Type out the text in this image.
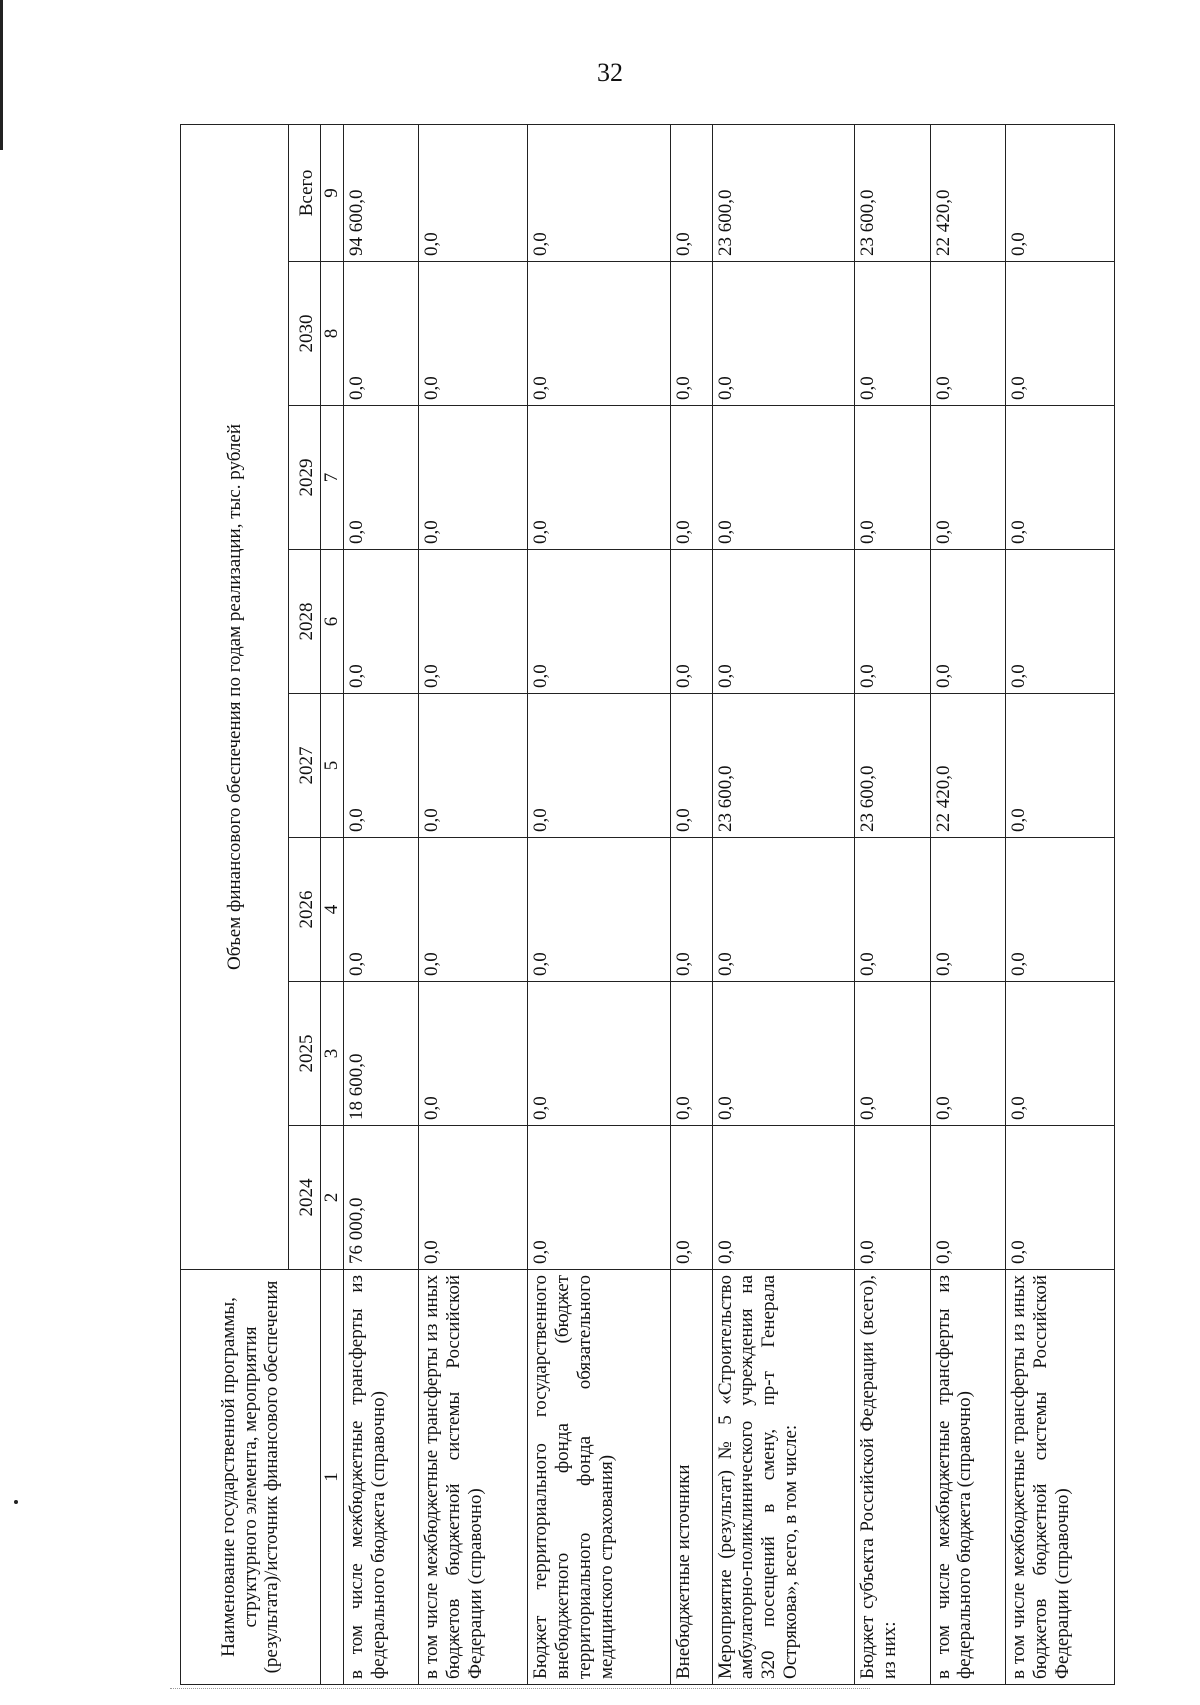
32
Наименование государственной программы, структурного элемента, мероприятия (результата)/источник финансового обеспечения	Объем финансового обеспечения по годам реализации, тыс. рублей							
	2024	2025	2026	2027	2028	2029	2030	Всего
1	2	3	4	5	6	7	8	9
в том числе межбюджетные трансферты из федерального бюджета (справочно)	76 000,0	18 600,0	0,0	0,0	0,0	0,0	0,0	94 600,0
в том числе межбюджетные трансферты из иных бюджетов бюджетной системы Российской Федерации (справочно)	0,0	0,0	0,0	0,0	0,0	0,0	0,0	0,0
Бюджет территориального государственного внебюджетного фонда (бюджет территориального фонда обязательного медицинского страхования)	0,0	0,0	0,0	0,0	0,0	0,0	0,0	0,0
Внебюджетные источники	0,0	0,0	0,0	0,0	0,0	0,0	0,0	0,0
Мероприятие (результат) № 5 «Строительство амбулаторно-поликлинического учреждения на 320 посещений в смену, пр-т Генерала Острякова», всего, в том числе:	0,0	0,0	0,0	23 600,0	0,0	0,0	0,0	23 600,0
Бюджет субъекта Российской Федерации (всего), из них:	0,0	0,0	0,0	23 600,0	0,0	0,0	0,0	23 600,0
в том числе межбюджетные трансферты из федерального бюджета (справочно)	0,0	0,0	0,0	22 420,0	0,0	0,0	0,0	22 420,0
в том числе межбюджетные трансферты из иных бюджетов бюджетной системы Российской Федерации (справочно)	0,0	0,0	0,0	0,0	0,0	0,0	0,0	0,0
